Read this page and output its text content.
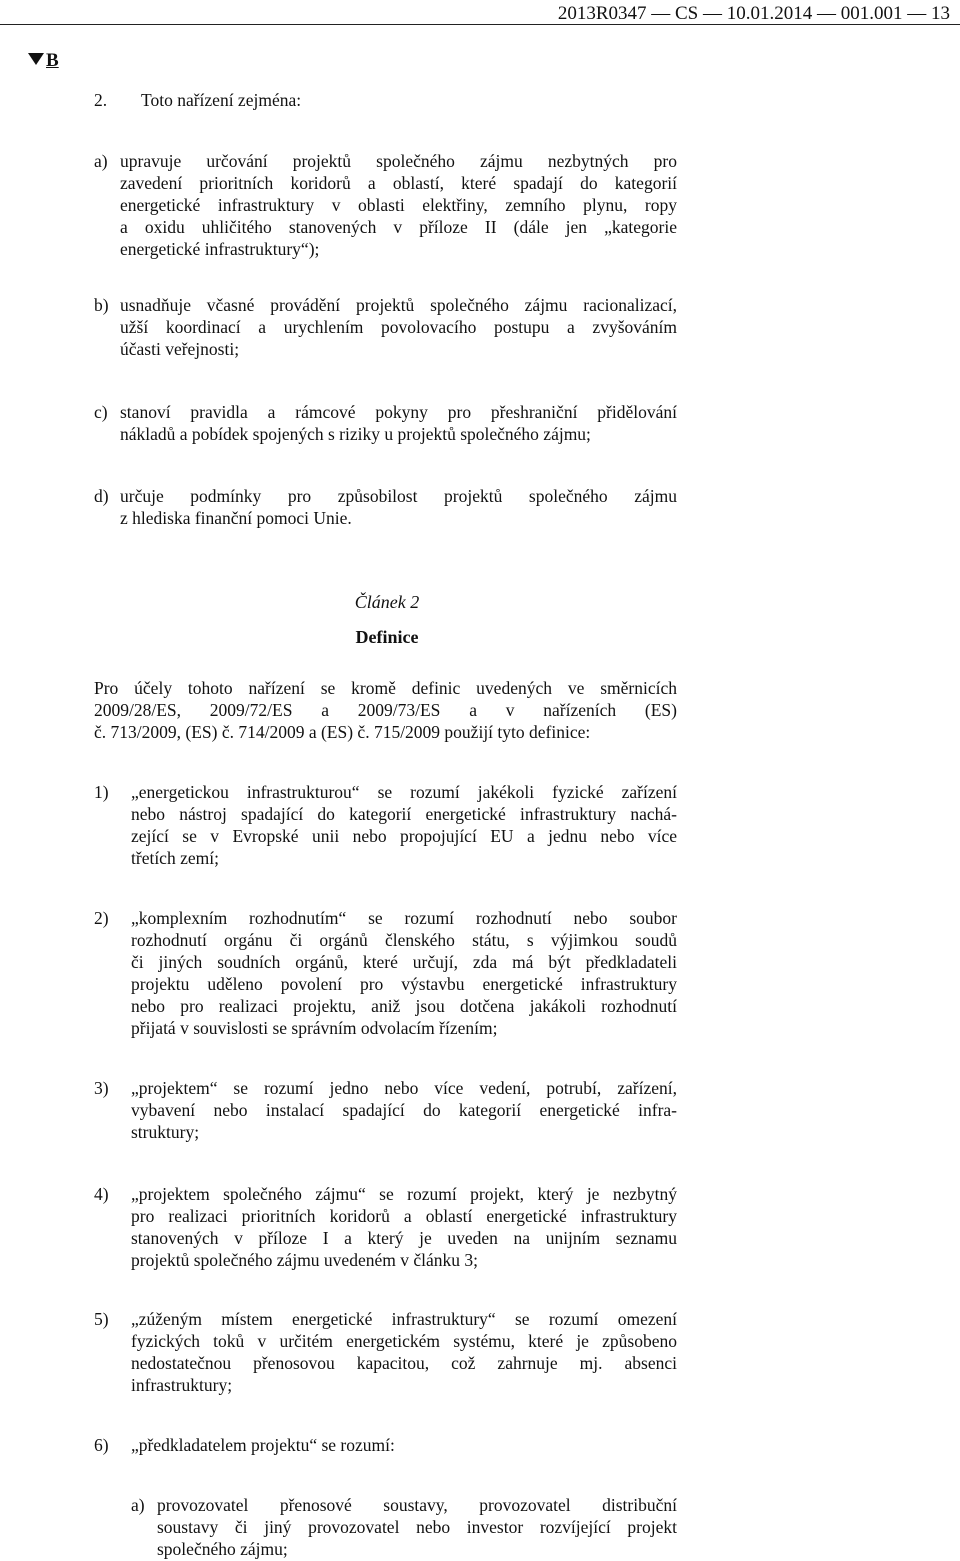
2013R0347 — CS — 10.01.2014 — 001.001 — 13
B
2. Toto nařízení zejména:
a) upravuje určování projektů společného zájmu nezbytných pro
zavedení prioritních koridorů a oblastí, které spadají do kategorií
energetické infrastruktury v oblasti elektřiny, zemního plynu, ropy
a oxidu uhličitého stanovených v příloze II (dále jen „kategorie
energetické infrastruktury“);
b) usnadňuje včasné provádění projektů společného zájmu racionalizací,
užší koordinací a urychlením povolovacího postupu a zvyšováním
účasti veřejnosti;
c) stanoví pravidla a rámcové pokyny pro přeshraniční přidělování
nákladů a pobídek spojených s riziky u projektů společného zájmu;
d) určuje podmínky pro způsobilost projektů společného zájmu
z hlediska finanční pomoci Unie.
Článek 2
Definice
Pro účely tohoto nařízení se kromě definic uvedených ve směrnicích
2009/28/ES, 2009/72/ES a 2009/73/ES a v nařízeních (ES)
č. 713/2009, (ES) č. 714/2009 a (ES) č. 715/2009 použijí tyto definice:
1) „energetickou infrastrukturou“ se rozumí jakékoli fyzické zařízení
nebo nástroj spadající do kategorií energetické infrastruktury nachá-
zející se v Evropské unii nebo propojující EU a jednu nebo více
třetích zemí;
2) „komplexním rozhodnutím“ se rozumí rozhodnutí nebo soubor
rozhodnutí orgánu či orgánů členského státu, s výjimkou soudů
či jiných soudních orgánů, které určují, zda má být předkladateli
projektu uděleno povolení pro výstavbu energetické infrastruktury
nebo pro realizaci projektu, aniž jsou dotčena jakákoli rozhodnutí
přijatá v souvislosti se správním odvolacím řízením;
3) „projektem“ se rozumí jedno nebo více vedení, potrubí, zařízení,
vybavení nebo instalací spadající do kategorií energetické infra-
struktury;
4) „projektem společného zájmu“ se rozumí projekt, který je nezbytný
pro realizaci prioritních koridorů a oblastí energetické infrastruktury
stanovených v příloze I a který je uveden na unijním seznamu
projektů společného zájmu uvedeném v článku 3;
5) „zúženým místem energetické infrastruktury“ se rozumí omezení
fyzických toků v určitém energetickém systému, které je způsobeno
nedostatečnou přenosovou kapacitou, což zahrnuje mj. absenci
infrastruktury;
6) „předkladatelem projektu“ se rozumí:
a) provozovatel přenosové soustavy, provozovatel distribuční
soustavy či jiný provozovatel nebo investor rozvíjející projekt
společného zájmu;
